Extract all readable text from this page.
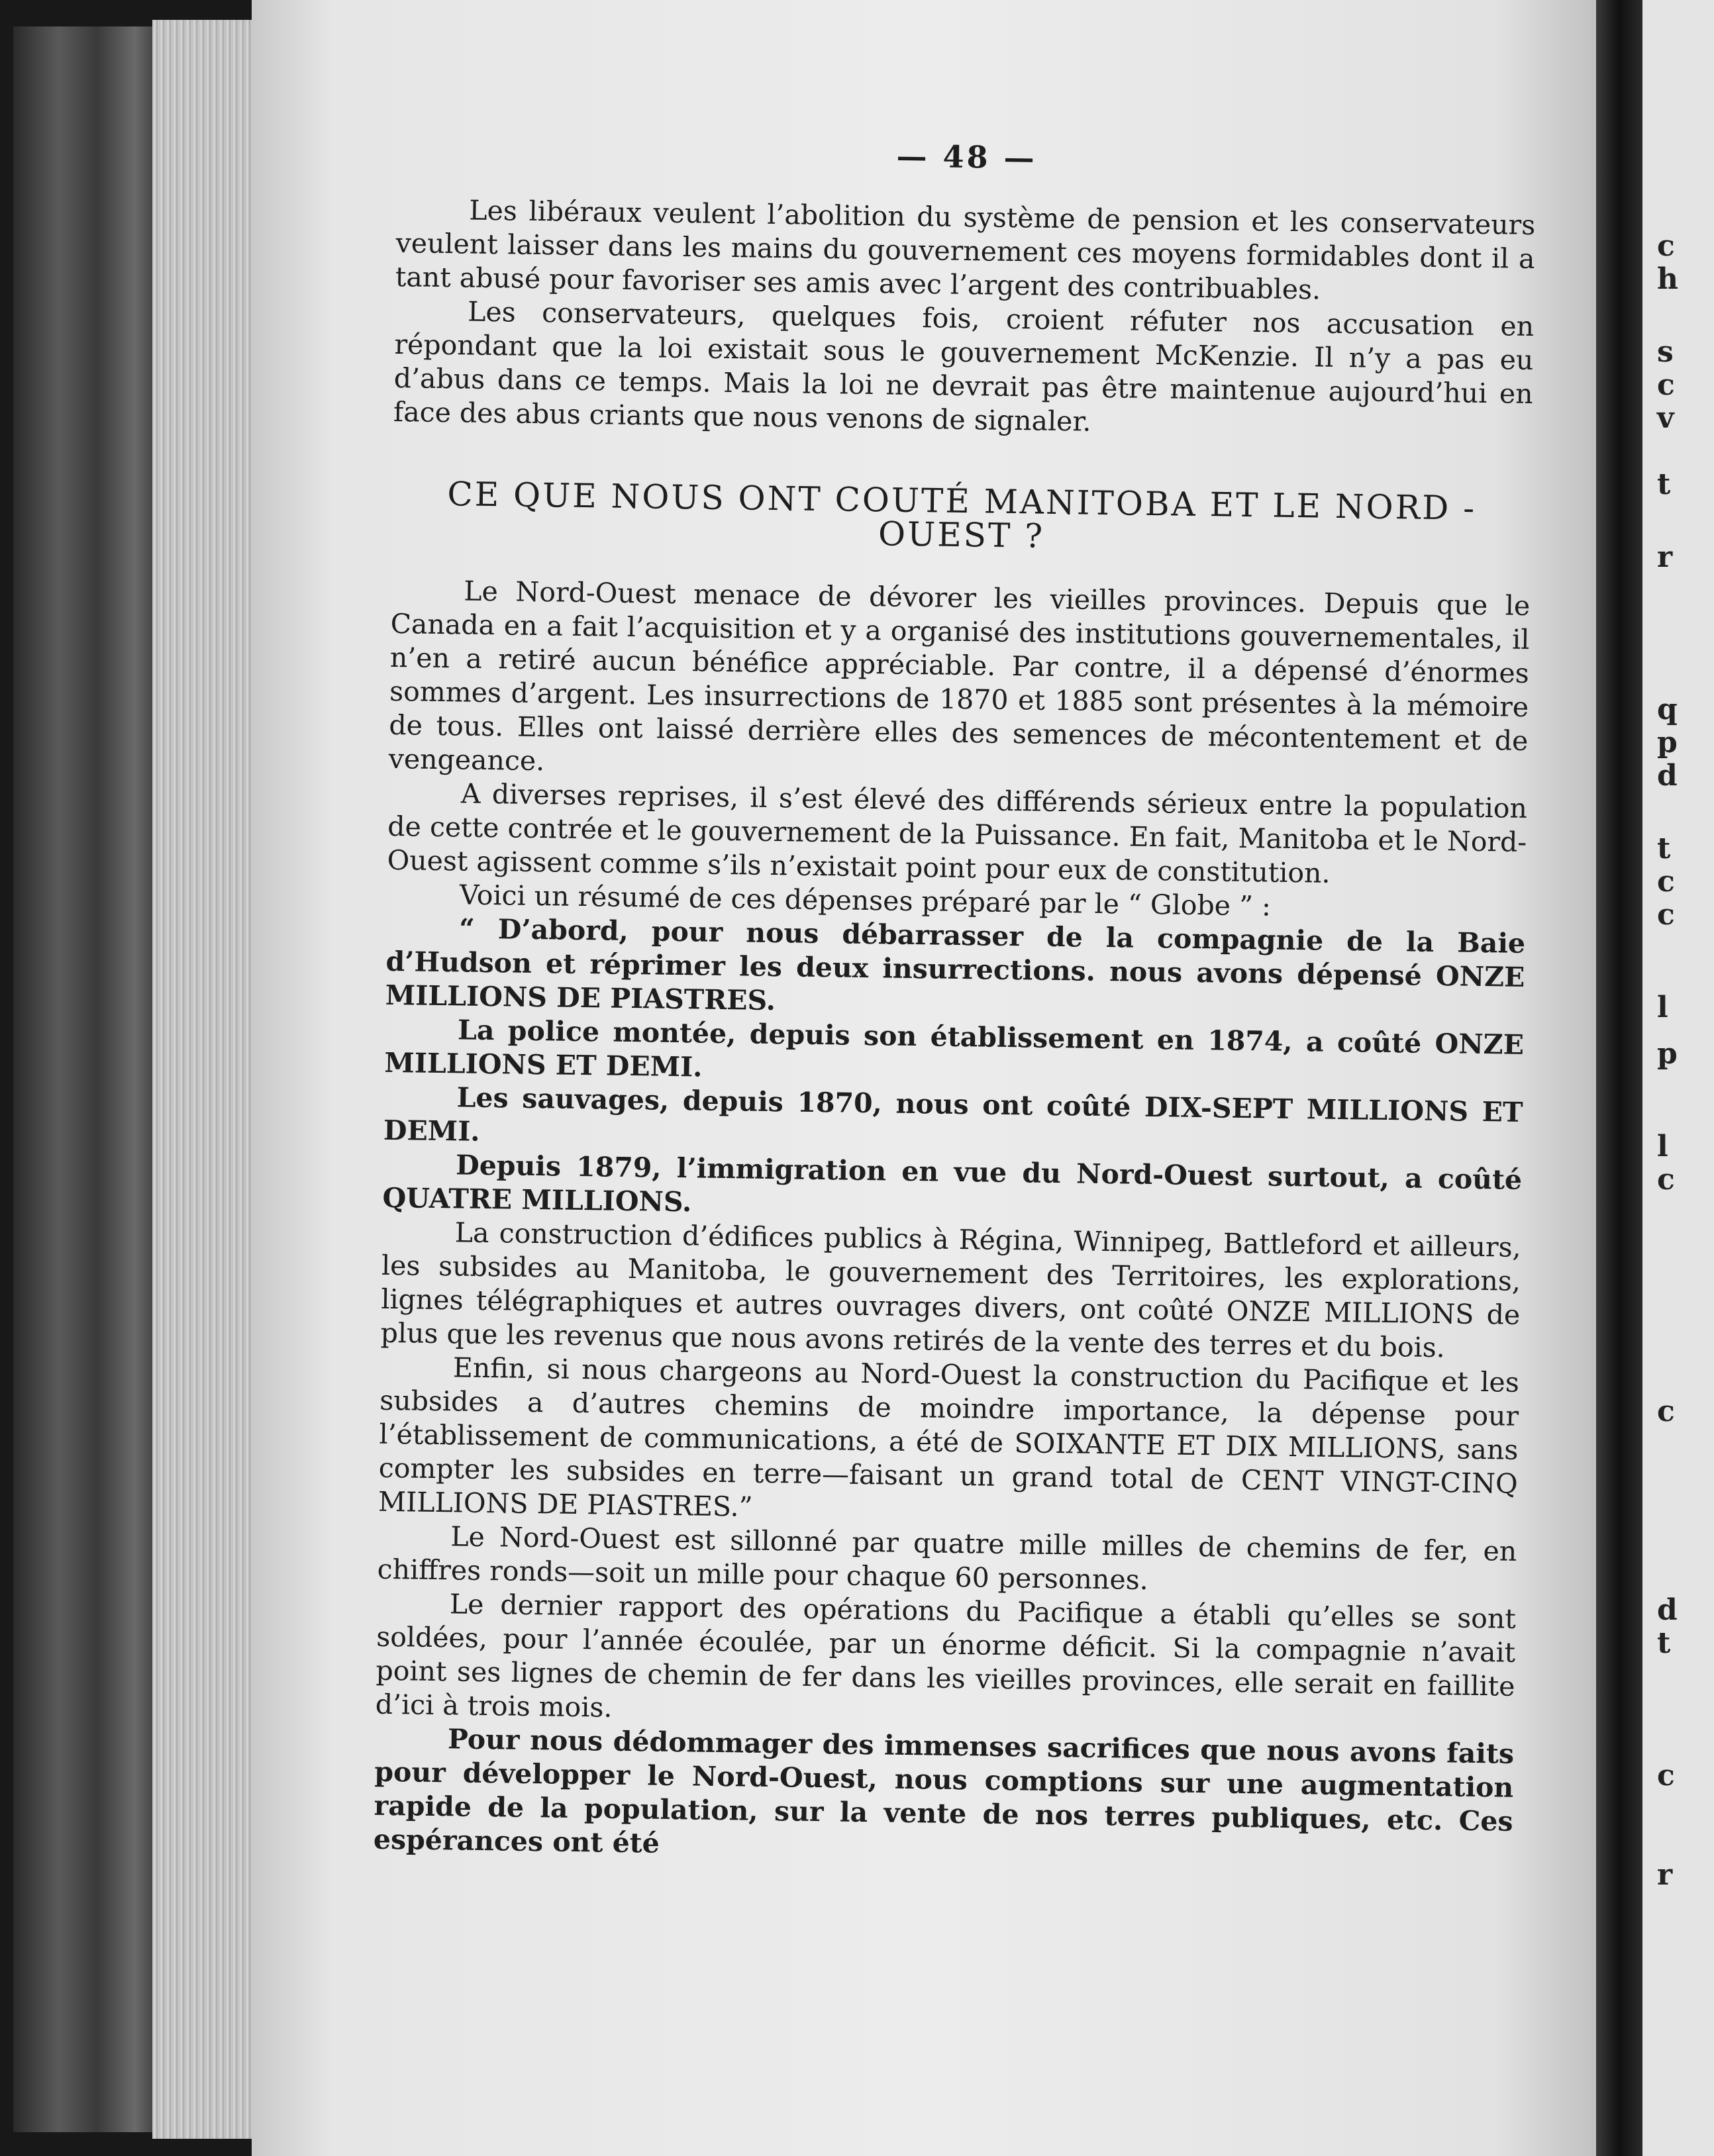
— 48 —

Les libéraux veulent l’abolition du système de pension et les conservateurs veulent laisser dans les mains du gouvernement ces moyens formidables dont il a tant abusé pour favoriser ses amis avec l’argent des contribuables.

Les conservateurs, quelques fois, croient réfuter nos accusation en répondant que la loi existait sous le gouvernement McKenzie. Il n’y a pas eu d’abus dans ce temps. Mais la loi ne devrait pas être maintenue aujourd’hui en face des abus criants que nous venons de signaler.

CE QUE NOUS ONT COUTÉ MANITOBA ET LE NORD - OUEST ?

Le Nord-Ouest menace de dévorer les vieilles provinces. Depuis que le Canada en a fait l’acquisition et y a organisé des institutions gouvernementales, il n’en a retiré aucun bénéfice appréciable. Par contre, il a dépensé d’énormes sommes d’argent. Les insurrections de 1870 et 1885 sont présentes à la mémoire de tous. Elles ont laissé derrière elles des semences de mécontentement et de vengeance.

A diverses reprises, il s’est élevé des différends sérieux entre la population de cette contrée et le gouvernement de la Puissance. En fait, Manitoba et le Nord-Ouest agissent comme s’ils n’existait point pour eux de constitution.

Voici un résumé de ces dépenses préparé par le “ Globe ” :

“ D’abord, pour nous débarrasser de la compagnie de la Baie d’Hudson et réprimer les deux insurrections. nous avons dépensé ONZE MILLIONS DE PIASTRES.

La police montée, depuis son établissement en 1874, a coûté ONZE MILLIONS ET DEMI.

Les sauvages, depuis 1870, nous ont coûté DIX-SEPT MILLIONS ET DEMI.

Depuis 1879, l’immigration en vue du Nord-Ouest surtout, a coûté QUATRE MILLIONS.

La construction d’édifices publics à Régina, Winnipeg, Battleford et ailleurs, les subsides au Manitoba, le gouvernement des Territoires, les explorations, lignes télégraphiques et autres ouvrages divers, ont coûté ONZE MILLIONS de plus que les revenus que nous avons retirés de la vente des terres et du bois.

Enfin, si nous chargeons au Nord-Ouest la construction du Pacifique et les subsides a d’autres chemins de moindre importance, la dépense pour l’établissement de communications, a été de SOIXANTE ET DIX MILLIONS, sans compter les subsides en terre—faisant un grand total de CENT VINGT-CINQ MILLIONS DE PIASTRES.”

Le Nord-Ouest est sillonné par quatre mille milles de chemins de fer, en chiffres ronds—soit un mille pour chaque 60 personnes.

Le dernier rapport des opérations du Pacifique a établi qu’elles se sont soldées, pour l’année écoulée, par un énorme déficit. Si la compagnie n’avait point ses lignes de chemin de fer dans les vieilles provinces, elle serait en faillite d’ici à trois mois.

Pour nous dédommager des immenses sacrifices que nous avons faits pour développer le Nord-Ouest, nous comptions sur une augmentation rapide de la population, sur la vente de nos terres publiques, etc. Ces espérances ont été

c
h
s
c
v
t
r
q
p
d
t
c
c
l
p
l
c
c
d
t
c
r
